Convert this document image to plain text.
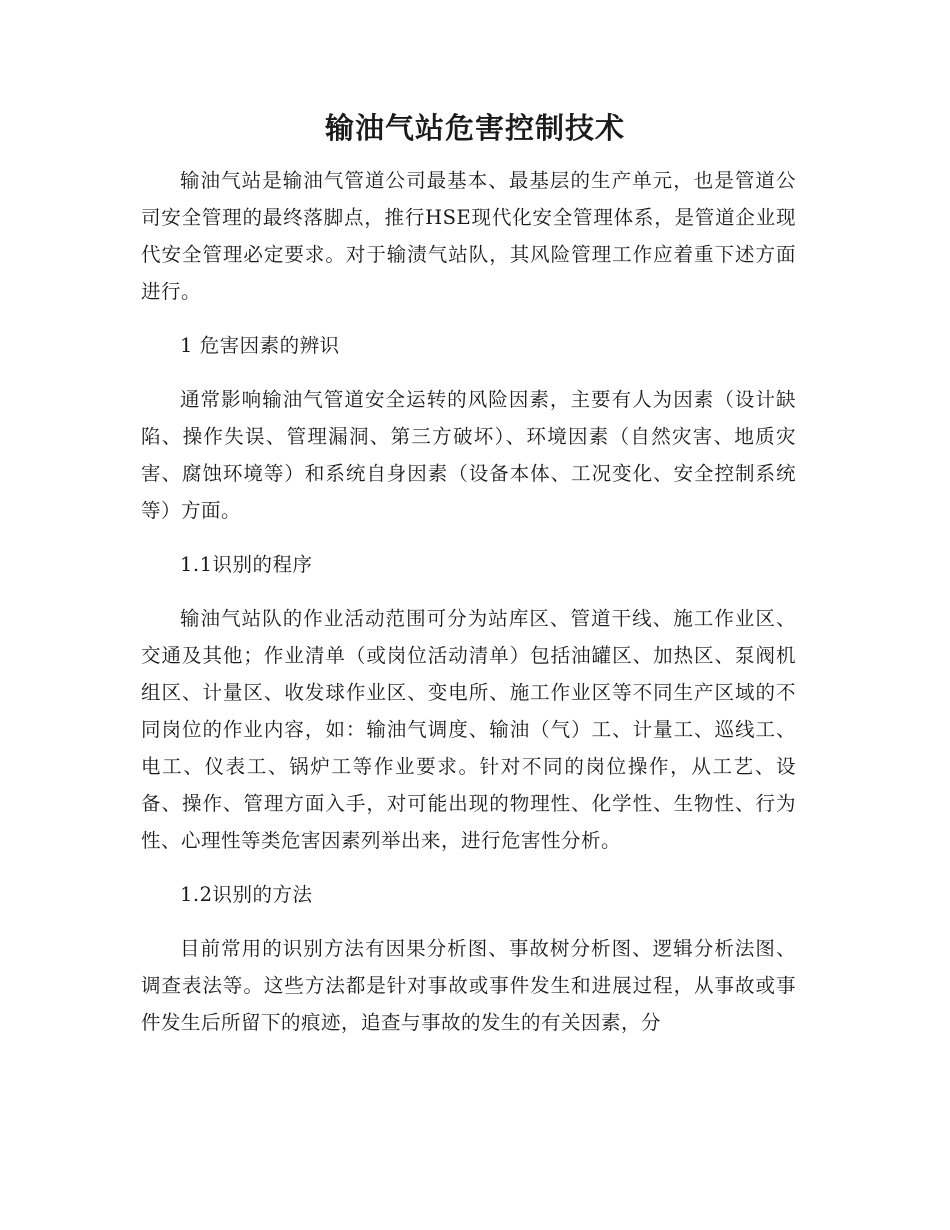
输油气站危害控制技术

输油气站是输油气管道公司最基本、最基层的生产单元，也是管道公司安全管理的最终落脚点，推行HSE现代化安全管理体系，是管道企业现代安全管理必定要求。对于输渍气站队，其风险管理工作应着重下述方面进行。

1 危害因素的辨识

通常影响输油气管道安全运转的风险因素，主要有人为因素（设计缺陷、操作失误、管理漏洞、第三方破坏）、环境因素（自然灾害、地质灾害、腐蚀环境等）和系统自身因素（设备本体、工况变化、安全控制系统等）方面。

1.1识别的程序

输油气站队的作业活动范围可分为站库区、管道干线、施工作业区、交通及其他；作业清单（或岗位活动清单）包括油罐区、加热区、泵阀机组区、计量区、收发球作业区、变电所、施工作业区等不同生产区域的不同岗位的作业内容，如：输油气调度、输油（气）工、计量工、巡线工、电工、仪表工、锅炉工等作业要求。针对不同的岗位操作，从工艺、设备、操作、管理方面入手，对可能出现的物理性、化学性、生物性、行为性、心理性等类危害因素列举出来，进行危害性分析。

1.2识别的方法

目前常用的识别方法有因果分析图、事故树分析图、逻辑分析法图、调查表法等。这些方法都是针对事故或事件发生和进展过程，从事故或事件发生后所留下的痕迹，追查与事故的发生的有关因素，分
